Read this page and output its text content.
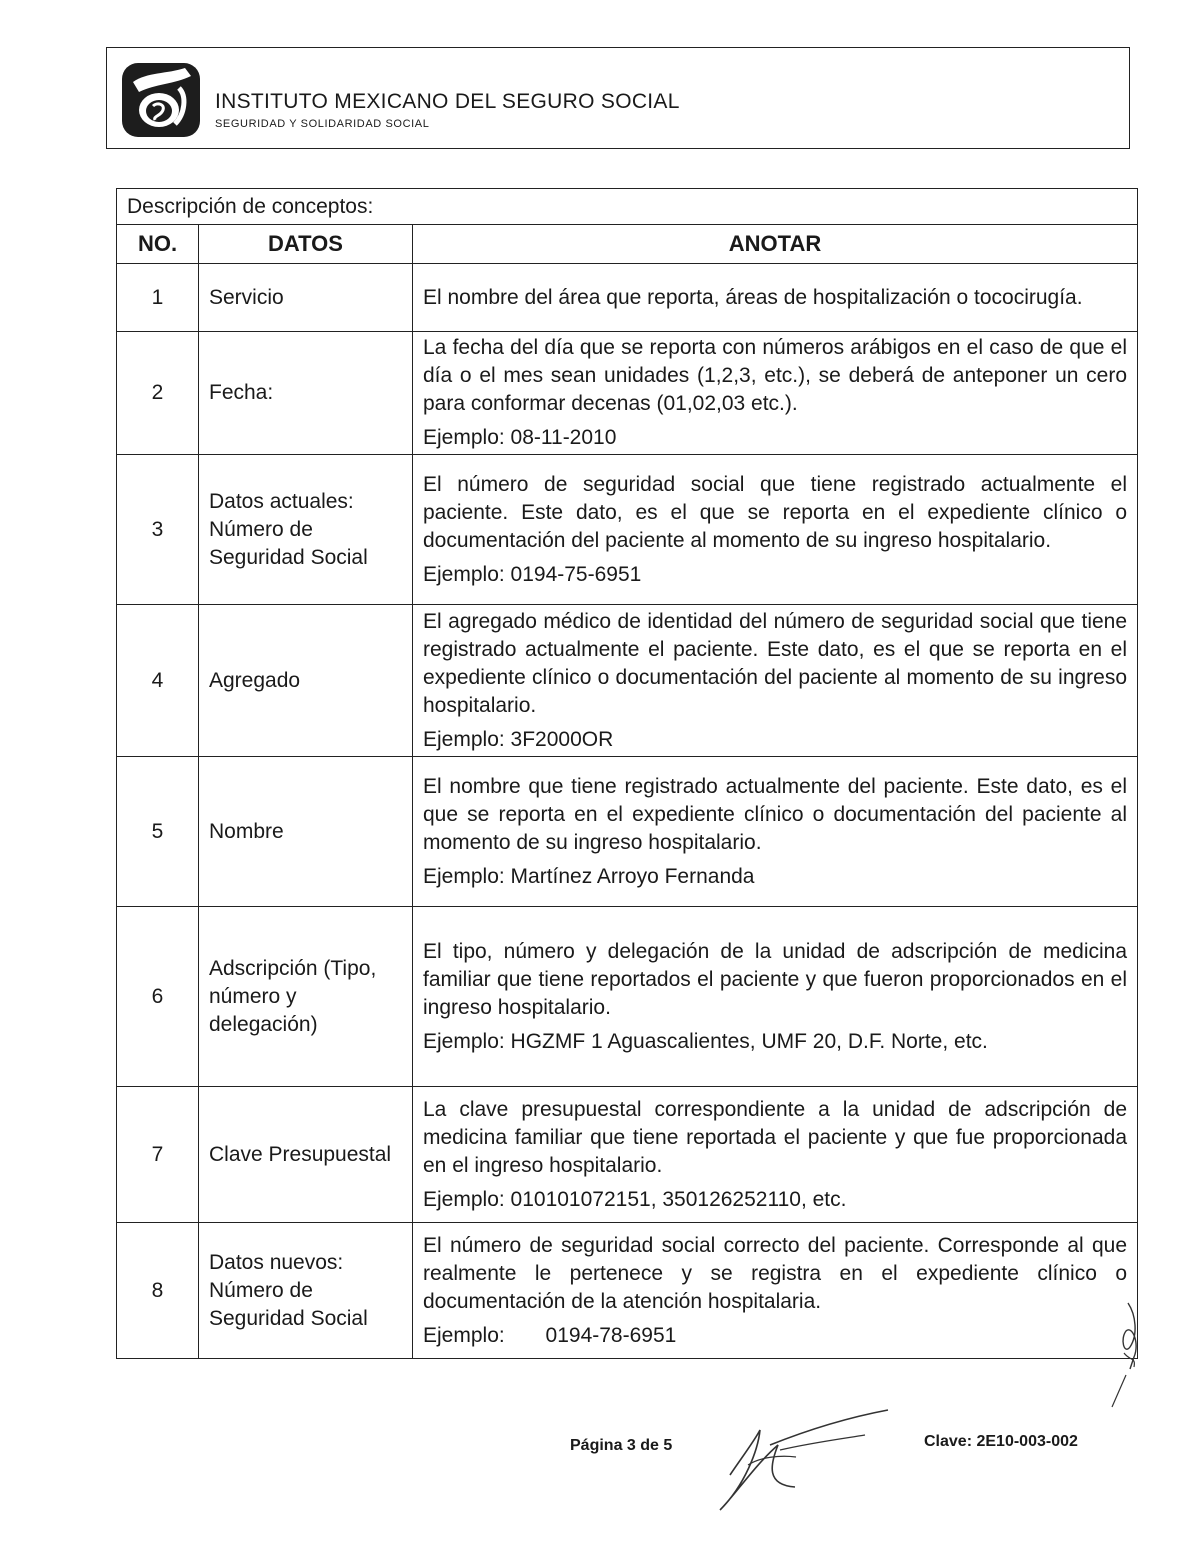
INSTITUTO MEXICANO DEL SEGURO SOCIAL
SEGURIDAD Y SOLIDARIDAD SOCIAL
Descripción de conceptos:		
NO.	DATOS	ANOTAR
1	Servicio	El nombre del área que reporta, áreas de hospitalización o tococirugía.

2	Fecha:	La fecha del día que se reporta con números arábigos en el caso de que el día o el mes sean unidades (1,2,3, etc.), se deberá de anteponer un cero para conformar decenas (01,02,03 etc.).
Ejemplo: 08-11-2010

3	Datos actuales: Número de Seguridad Social	El número de seguridad social que tiene registrado actualmente el paciente. Este dato, es el que se reporta en el expediente clínico o documentación del paciente al momento de su ingreso hospitalario.
Ejemplo: 0194-75-6951

4	Agregado	El agregado médico de identidad del número de seguridad social que tiene registrado actualmente el paciente. Este dato, es el que se reporta en el expediente clínico o documentación del paciente al momento de su ingreso hospitalario.
Ejemplo: 3F2000OR

5	Nombre	El nombre que tiene registrado actualmente del paciente. Este dato, es el que se reporta en el expediente clínico o documentación del paciente al momento de su ingreso hospitalario.
Ejemplo: Martínez Arroyo Fernanda

6	Adscripción (Tipo, número y delegación)	El tipo, número y delegación de la unidad de adscripción de medicina familiar que tiene reportados el paciente y que fueron proporcionados en el ingreso hospitalario.
Ejemplo: HGZMF 1 Aguascalientes, UMF 20, D.F. Norte, etc.

7	Clave Presupuestal	La clave presupuestal correspondiente a la unidad de adscripción de medicina familiar que tiene reportada el paciente y que fue proporcionada en el ingreso hospitalario.
Ejemplo: 010101072151, 350126252110, etc.

8	Datos nuevos: Número de Seguridad Social	El número de seguridad social correcto del paciente. Corresponde al que realmente le pertenece y se registra en el expediente clínico o documentación de la atención hospitalaria.
Ejemplo:       0194-78-6951
Página 3 de 5	Clave: 2E10-003-002
